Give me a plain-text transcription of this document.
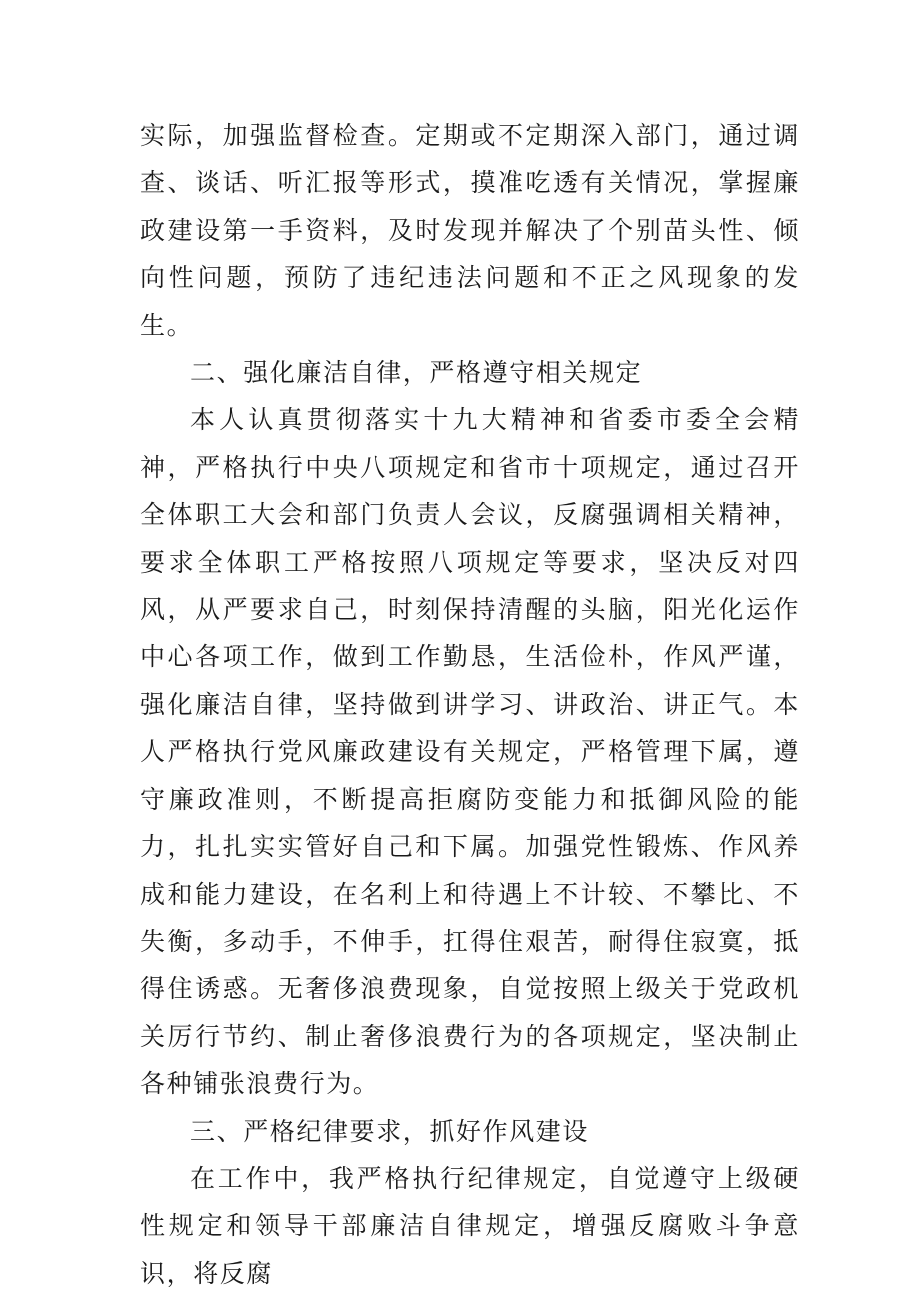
实际，加强监督检查。定期或不定期深入部门，通过调查、谈话、听汇报等形式，摸准吃透有关情况，掌握廉政建设第一手资料，及时发现并解决了个别苗头性、倾向性问题，预防了违纪违法问题和不正之风现象的发生。

二、强化廉洁自律，严格遵守相关规定

本人认真贯彻落实十九大精神和省委市委全会精神，严格执行中央八项规定和省市十项规定，通过召开全体职工大会和部门负责人会议，反腐强调相关精神，要求全体职工严格按照八项规定等要求，坚决反对四风，从严要求自己，时刻保持清醒的头脑，阳光化运作中心各项工作，做到工作勤恳，生活俭朴，作风严谨，强化廉洁自律，坚持做到讲学习、讲政治、讲正气。本人严格执行党风廉政建设有关规定，严格管理下属，遵守廉政准则，不断提高拒腐防变能力和抵御风险的能力，扎扎实实管好自己和下属。加强党性锻炼、作风养成和能力建设，在名利上和待遇上不计较、不攀比、不失衡，多动手，不伸手，扛得住艰苦，耐得住寂寞，抵得住诱惑。无奢侈浪费现象，自觉按照上级关于党政机关厉行节约、制止奢侈浪费行为的各项规定，坚决制止各种铺张浪费行为。

三、严格纪律要求，抓好作风建设

在工作中，我严格执行纪律规定，自觉遵守上级硬性规定和领导干部廉洁自律规定，增强反腐败斗争意识，将反腐
